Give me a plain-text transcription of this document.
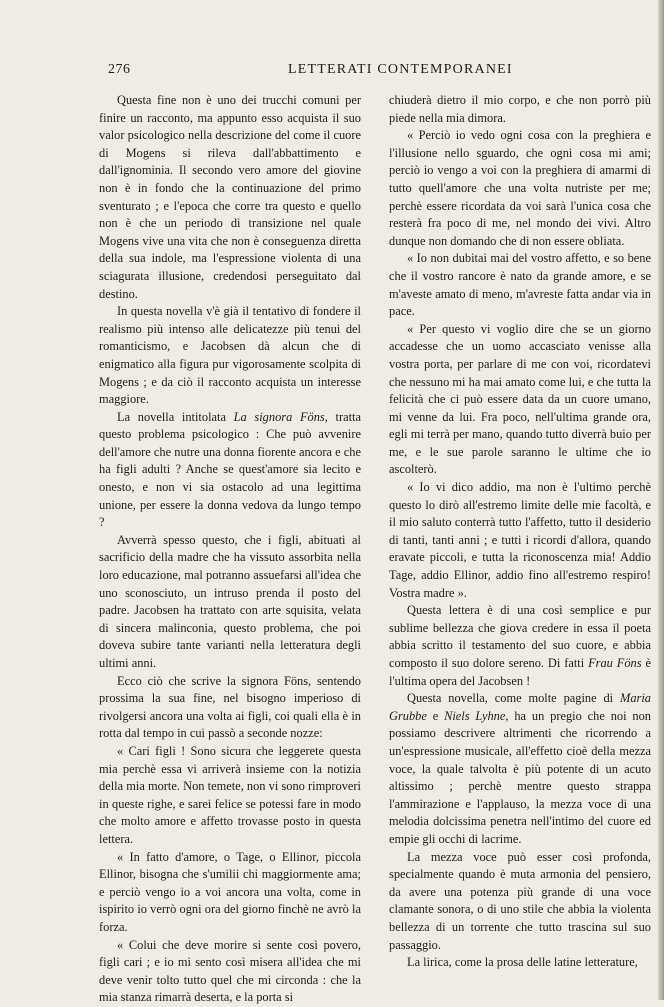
276	LETTERATI CONTEMPORANEI

Questa fine non è uno dei trucchi comuni per finire un racconto, ma appunto esso acquista il suo valor psicologico nella descrizione del come il cuore di Mogens si rileva dall'abbattimento e dall'ignominia. Il secondo vero amore del giovine non è in fondo che la continuazione del primo sventurato ; e l'epoca che corre tra questo e quello non è che un periodo di transizione nel quale Mogens vive una vita che non è conseguenza diretta della sua indole, ma l'espressione violenta di una sciagurata illusione, credendosi perseguitato dal destino.

In questa novella v'è già il tentativo di fondere il realismo più intenso alle delicatezze più tenui del romanticismo, e Jacobsen dà alcun che di enigmatico alla figura pur vigorosamente scolpita di Mogens ; e da ciò il racconto acquista un interesse maggiore.

La novella intitolata La signora Föns, tratta questo problema psicologico : Che può avvenire dell'amore che nutre una donna fiorente ancora e che ha figli adulti ? Anche se quest'amore sia lecito e onesto, e non vi sia ostacolo ad una legittima unione, per essere la donna vedova da lungo tempo ?

Avverrà spesso questo, che i figli, abituati al sacrificio della madre che ha vissuto assorbita nella loro educazione, mal potranno assuefarsi all'idea che uno sconosciuto, un intruso prenda il posto del padre. Jacobsen ha trattato con arte squisita, velata di sincera malinconia, questo problema, che poi doveva subire tante varianti nella letteratura degli ultimi anni.

Ecco ciò che scrive la signora Föns, sentendo prossima la sua fine, nel bisogno imperioso di rivolgersi ancora una volta ai figli, coi quali ella è in rotta dal tempo in cui passò a seconde nozze:

« Cari figli ! Sono sicura che leggerete questa mia perchè essa vi arriverà insieme con la notizia della mia morte. Non temete, non vi sono rimproveri in queste righe, e sarei felice se potessi fare in modo che molto amore e affetto trovasse posto in questa lettera.

« In fatto d'amore, o Tage, o Ellinor, piccola Ellinor, bisogna che s'umilii chi maggiormente ama; e perciò vengo io a voi ancora una volta, come in ispirito io verrò ogni ora del giorno finchè ne avrò la forza.

« Colui che deve morire si sente così povero, figli cari ; e io mi sento così misera all'idea che mi deve venir tolto tutto quel che mi circonda : che la mia stanza rimarrà deserta, e la porta si

chiuderà dietro il mio corpo, e che non porrò più piede nella mia dimora.

« Perciò io vedo ogni cosa con la preghiera e l'illusione nello sguardo, che ogni cosa mi ami; perciò io vengo a voi con la preghiera di amarmi di tutto quell'amore che una volta nutriste per me; perchè essere ricordata da voi sarà l'unica cosa che resterà fra poco di me, nel mondo dei vivi. Altro dunque non domando che di non essere obliata.

« Io non dubitai mai del vostro affetto, e so bene che il vostro rancore è nato da grande amore, e se m'aveste amato di meno, m'avreste fatta andar via in pace.

« Per questo vi voglio dire che se un giorno accadesse che un uomo accasciato venisse alla vostra porta, per parlare di me con voi, ricordatevi che nessuno mi ha mai amato come lui, e che tutta la felicità che ci può essere data da un cuore umano, mi venne da lui. Fra poco, nell'ultima grande ora, egli mi terrà per mano, quando tutto diverrà buio per me, e le sue parole saranno le ultime che io ascolterò.

« Io vi dico addio, ma non è l'ultimo perchè questo lo dirò all'estremo limite delle mie facoltà, e il mio saluto conterrà tutto l'affetto, tutto il desiderio di tanti, tanti anni ; e tutti i ricordi d'allora, quando eravate piccoli, e tutta la riconoscenza mia! Addio Tage, addio Ellinor, addio fino all'estremo respiro! Vostra madre ».

Questa lettera è di una così semplice e pur sublime bellezza che giova credere in essa il poeta abbia scritto il testamento del suo cuore, e abbia composto il suo dolore sereno. Di fatti Frau Föns è l'ultima opera del Jacobsen !

Questa novella, come molte pagine di Maria Grubbe e Niels Lyhne, ha un pregio che noi non possiamo descrivere altrimenti che ricorrendo a un'espressione musicale, all'effetto cioè della mezza voce, la quale talvolta è più potente di un acuto altissimo ; perchè mentre questo strappa l'ammirazione e l'applauso, la mezza voce di una melodia dolcissima penetra nell'intimo del cuore ed empie gli occhi di lacrime.

La mezza voce può esser così profonda, specialmente quando è muta armonia del pensiero, da avere una potenza più grande di una voce clamante sonora, o di uno stile che abbia la violenta bellezza di un torrente che tutto trascina sul suo passaggio.

La lirica, come la prosa delle latine letterature,
